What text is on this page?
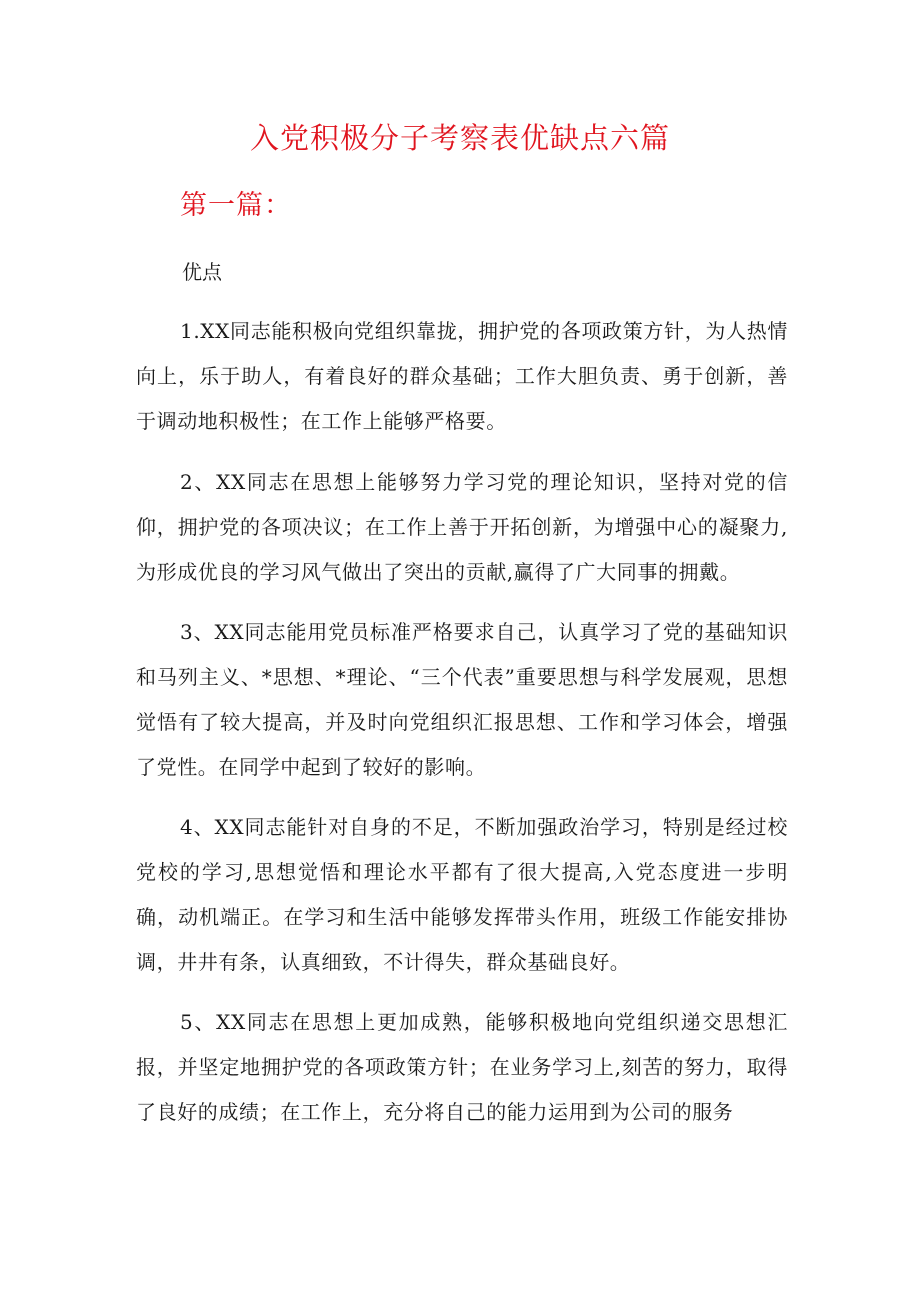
入党积极分子考察表优缺点六篇
第一篇：
优点

1.XX同志能积极向党组织靠拢，拥护党的各项政策方针，为人热情向上，乐于助人，有着良好的群众基础；工作大胆负责、勇于创新，善于调动地积极性；在工作上能够严格要。

2、XX同志在思想上能够努力学习党的理论知识，坚持对党的信仰，拥护党的各项决议；在工作上善于开拓创新，为增强中心的凝聚力,为形成优良的学习风气做出了突出的贡献,赢得了广大同事的拥戴。

3、XX同志能用党员标准严格要求自己，认真学习了党的基础知识和马列主义、*思想、*理论、“三个代表”重要思想与科学发展观，思想觉悟有了较大提高，并及时向党组织汇报思想、工作和学习体会，增强了党性。在同学中起到了较好的影响。

4、XX同志能针对自身的不足，不断加强政治学习，特别是经过校党校的学习,思想觉悟和理论水平都有了很大提高,入党态度进一步明确，动机端正。在学习和生活中能够发挥带头作用，班级工作能安排协调，井井有条，认真细致，不计得失，群众基础良好。

5、XX同志在思想上更加成熟，能够积极地向党组织递交思想汇报，并坚定地拥护党的各项政策方针；在业务学习上,刻苦的努力，取得了良好的成绩；在工作上，充分将自己的能力运用到为公司的服务
